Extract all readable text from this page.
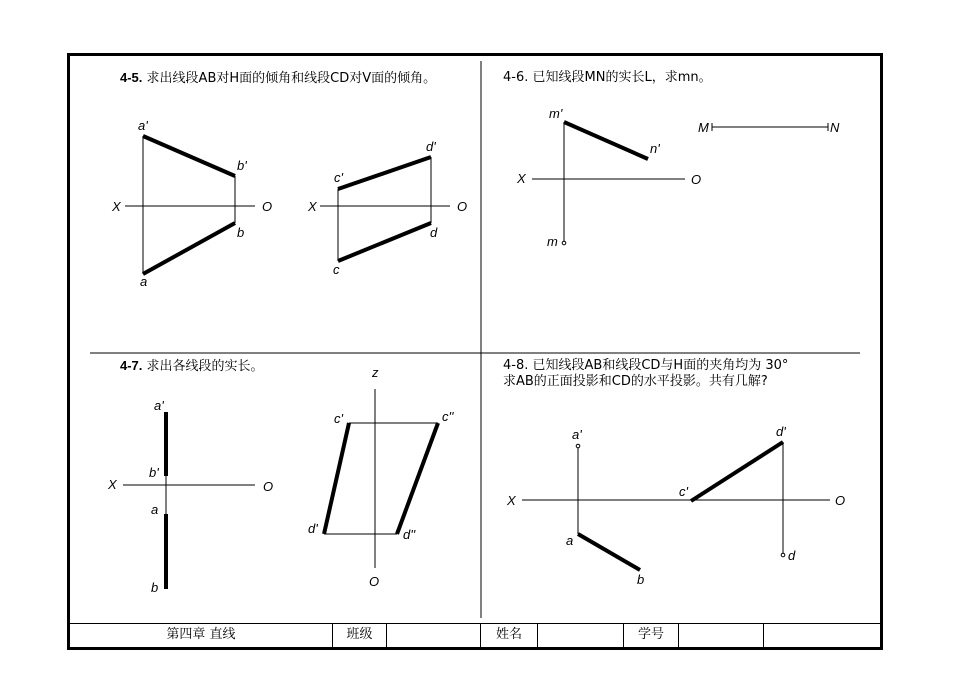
4-5. 求出线段AB对H面的倾角和线段CD对V面的倾角。	4-6. 已知线段MN的实长L，求mn。
4-7. 求出各线段的实长。	4-8. 已知线段AB和线段CD与H面的夹角均为 30°
求AB的正面投影和CD的水平投影。共有几解?
X	O
a'
b'
b
a
X	O
c'
d'
d
c
X	O
m'
n'
m
M	N
X	O
a'
b'
a
b
z
O
c'	c''
d'	d''
X	O
a'
a
b
c'
d'
d
第四章 直线	班级	姓名	学号
